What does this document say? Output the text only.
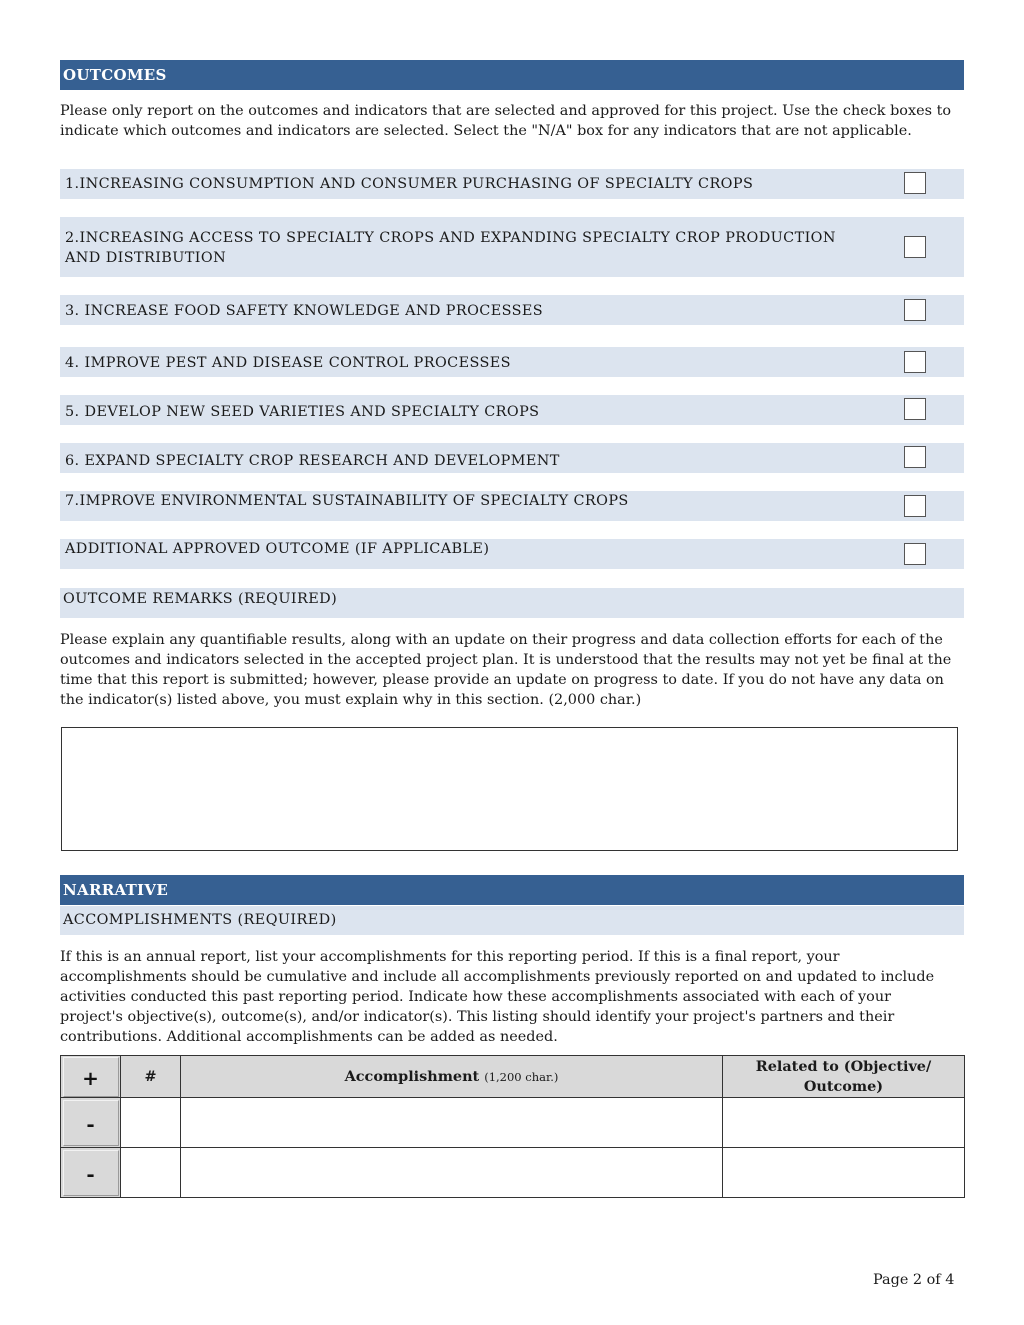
OUTCOMES
Please only report on the outcomes and indicators that are selected and approved for this project. Use the check boxes to indicate which outcomes and indicators are selected. Select the "N/A" box for any indicators that are not applicable.
1.INCREASING CONSUMPTION AND CONSUMER PURCHASING OF SPECIALTY CROPS
2.INCREASING ACCESS TO SPECIALTY CROPS AND EXPANDING SPECIALTY CROP PRODUCTION AND DISTRIBUTION
3. INCREASE FOOD SAFETY KNOWLEDGE AND PROCESSES
4. IMPROVE PEST AND DISEASE CONTROL PROCESSES
5. DEVELOP NEW SEED VARIETIES AND SPECIALTY CROPS
6. EXPAND SPECIALTY CROP RESEARCH AND DEVELOPMENT
7.IMPROVE ENVIRONMENTAL SUSTAINABILITY OF SPECIALTY CROPS
ADDITIONAL APPROVED OUTCOME (IF APPLICABLE)
OUTCOME REMARKS (REQUIRED)
Please explain any quantifiable results, along with an update on their progress and data collection efforts for each of the outcomes and indicators selected in the accepted project plan. It is understood that the results may not yet be final at the time that this report is submitted; however, please provide an update on progress to date. If you do not have any data on the indicator(s) listed above, you must explain why in this section. (2,000 char.)
NARRATIVE
ACCOMPLISHMENTS (REQUIRED)
If this is an annual report, list your accomplishments for this reporting period. If this is a final report, your accomplishments should be cumulative and include all accomplishments previously reported on and updated to include activities conducted this past reporting period. Indicate how these accomplishments associated with each of your project's objective(s), outcome(s), and/or indicator(s). This listing should identify your project's partners and their contributions. Additional accomplishments can be added as needed.
+	#	Accomplishment (1,200 char.)	Related to (Objective/ Outcome)

-			

-			

Page 2 of 4
